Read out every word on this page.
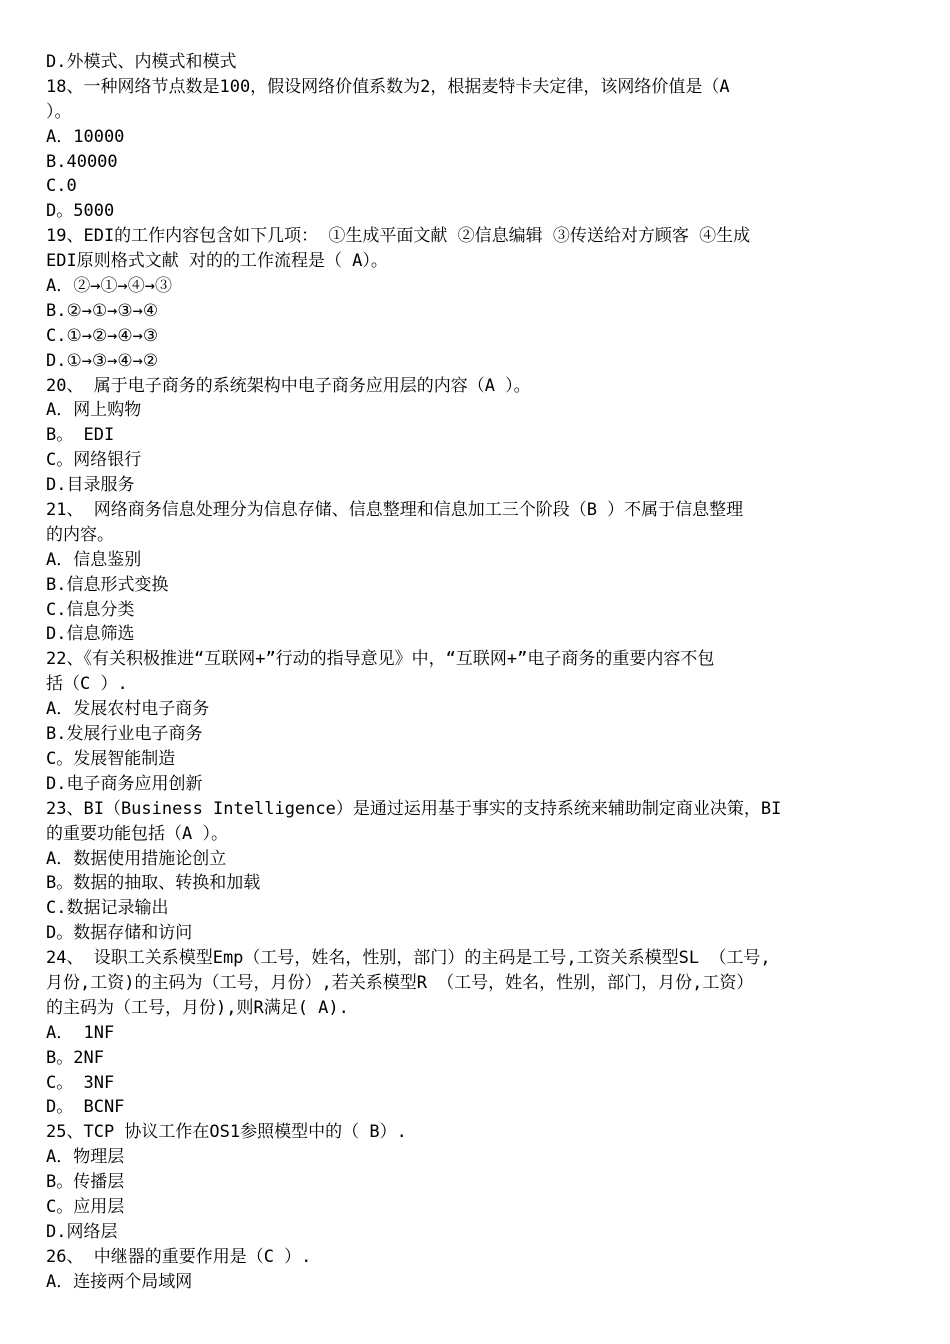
D.外模式、内模式和模式
18、一种网络节点数是100，假设网络价值系数为2，根据麦特卡夫定律，该网络价值是（A
）。
A．10000
B.40000
C.0
D。5000
19、EDI的工作内容包含如下几项： ①生成平面文献 ②信息编辑 ③传送给对方顾客 ④生成
EDI原则格式文献 对的的工作流程是（ A）。
A．②→①→④→③
B.②→①→③→④
C.①→②→④→③
D.①→③→④→②
20、 属于电子商务的系统架构中电子商务应用层的内容（A ）。
A．网上购物
B。 EDI
C。网络银行
D.目录服务
21、 网络商务信息处理分为信息存储、信息整理和信息加工三个阶段（B ）不属于信息整理
的内容。
A．信息鉴别
B.信息形式变换
C.信息分类
D.信息筛选
22、《有关积极推进“互联网+”行动的指导意见》中，“互联网+”电子商务的重要内容不包
括（C ）.
A．发展农村电子商务
B.发展行业电子商务
C。发展智能制造
D.电子商务应用创新
23、BI（Business Intelligence）是通过运用基于事实的支持系统来辅助制定商业决策，BI
的重要功能包括（A ）。
A．数据使用措施论创立
B。数据的抽取、转换和加载
C.数据记录输出
D。数据存储和访问
24、 设职工关系模型Emp（工号，姓名，性别，部门）的主码是工号,工资关系模型SL （工号,
月份,工资)的主码为（工号，月份）,若关系模型R （工号，姓名，性别，部门，月份,工资）
的主码为（工号，月份),则R满足( A).
A． 1NF
B。2NF
C。 3NF
D。 BCNF
25、TCP 协议工作在OS1参照模型中的（ B）.
A．物理层
B。传播层
C。应用层
D.网络层
26、 中继器的重要作用是（C ）.
A．连接两个局域网
